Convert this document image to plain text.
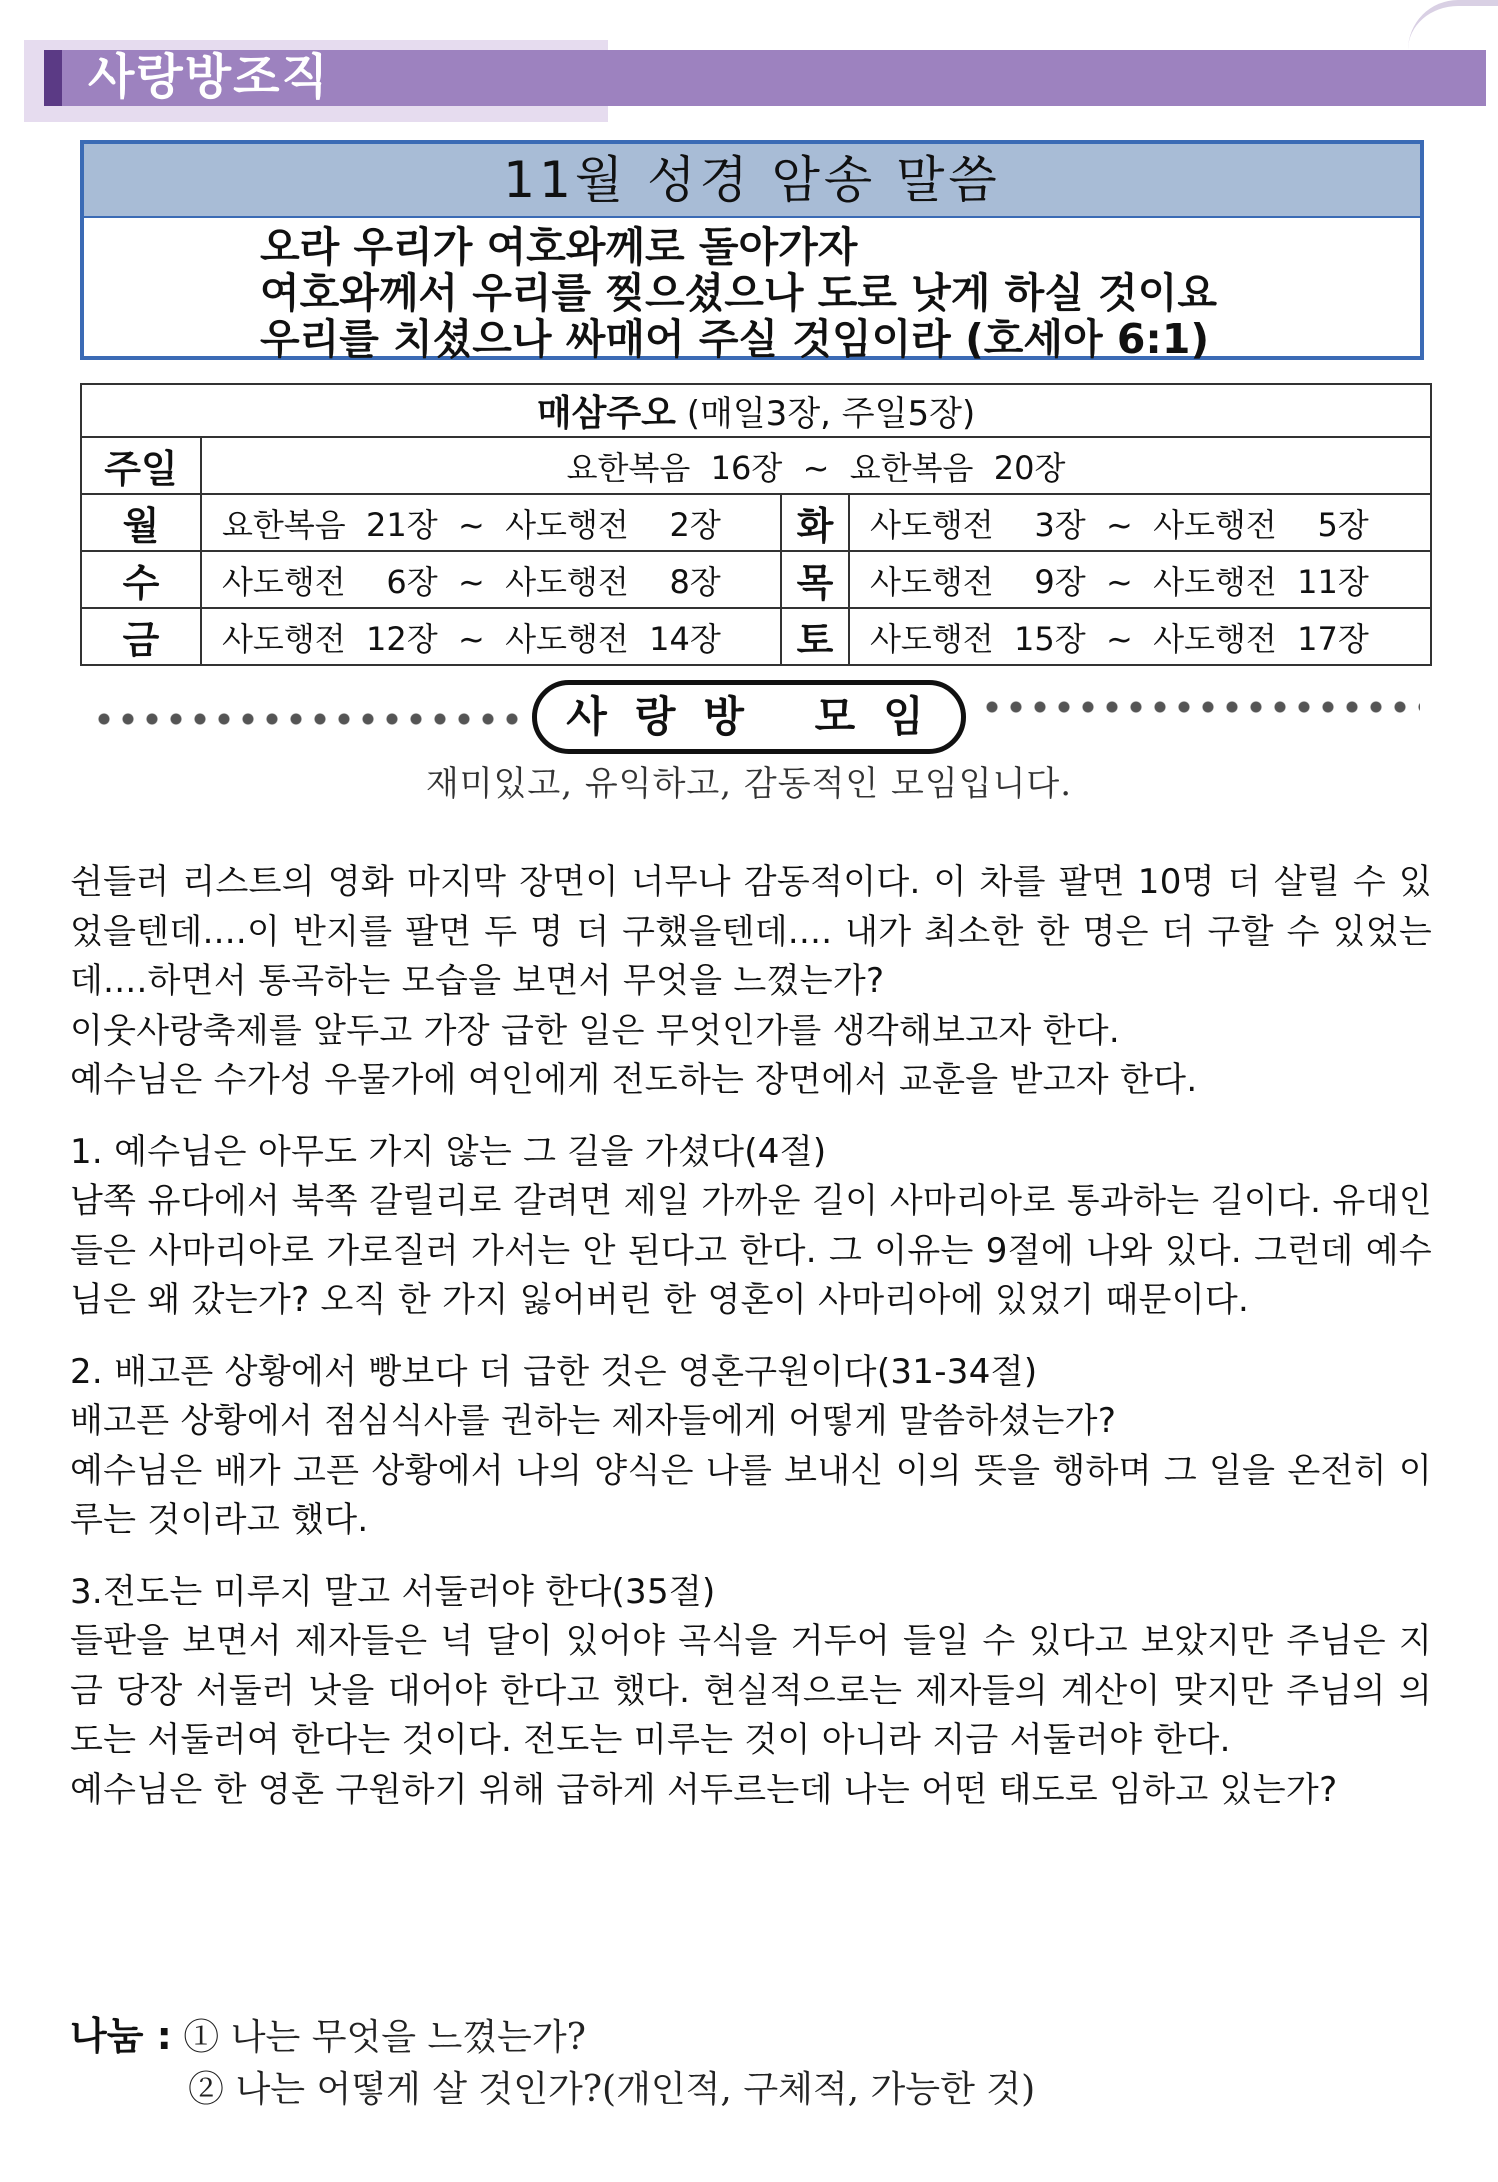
사랑방조직
11월 성경 암송 말씀
오라 우리가 여호와께로 돌아가자
여호와께서 우리를 찢으셨으나 도로 낫게 하실 것이요
우리를 치셨으나 싸매어 주실 것임이라 (호세아 6:1)
매삼주오 (매일3장, 주일5장)			
주일	요한복음  16장  ~  요한복음  20장		
월	요한복음  21장  ~  사도행전    2장	화	사도행전    3장  ~  사도행전    5장
수	사도행전    6장  ~  사도행전    8장	목	사도행전    9장  ~  사도행전  11장
금	사도행전  12장  ~  사도행전  14장	토	사도행전  15장  ~  사도행전  17장
사랑방 모임
재미있고, 유익하고, 감동적인 모임입니다.

쉰들러 리스트의 영화 마지막 장면이 너무나 감동적이다. 이 차를 팔면 10명 더 살릴 수 있었을텐데....이 반지를 팔면 두 명 더 구했을텐데.... 내가 최소한 한 명은 더 구할 수 있었는데....하면서 통곡하는 모습을 보면서 무엇을 느꼈는가?

이웃사랑축제를 앞두고 가장 급한 일은 무엇인가를 생각해보고자 한다.

예수님은 수가성 우물가에 여인에게 전도하는 장면에서 교훈을 받고자 한다.

1. 예수님은 아무도 가지 않는 그 길을 가셨다(4절)

남쪽 유다에서 북쪽 갈릴리로 갈려면 제일 가까운 길이 사마리아로 통과하는 길이다. 유대인들은 사마리아로 가로질러 가서는 안 된다고 한다. 그 이유는 9절에 나와 있다. 그런데 예수님은 왜 갔는가? 오직 한 가지 잃어버린 한 영혼이 사마리아에 있었기 때문이다.

2. 배고픈 상황에서 빵보다 더 급한 것은 영혼구원이다(31-34절)

배고픈 상황에서 점심식사를 권하는 제자들에게 어떻게 말씀하셨는가?

예수님은 배가 고픈 상황에서 나의 양식은 나를 보내신 이의 뜻을 행하며 그 일을 온전히 이루는 것이라고 했다.

3.전도는 미루지 말고 서둘러야 한다(35절)

들판을 보면서 제자들은 넉 달이 있어야 곡식을 거두어 들일 수 있다고 보았지만 주님은 지금 당장 서둘러 낫을 대어야 한다고 했다. 현실적으로는 제자들의 계산이 맞지만 주님의 의도는 서둘러여 한다는 것이다. 전도는 미루는 것이 아니라 지금 서둘러야 한다.

예수님은 한 영혼 구원하기 위해 급하게 서두르는데 나는 어떤 태도로 임하고 있는가?

나눔 : ① 나는 무엇을 느꼈는가?
② 나는 어떻게 살 것인가?(개인적, 구체적, 가능한 것)
